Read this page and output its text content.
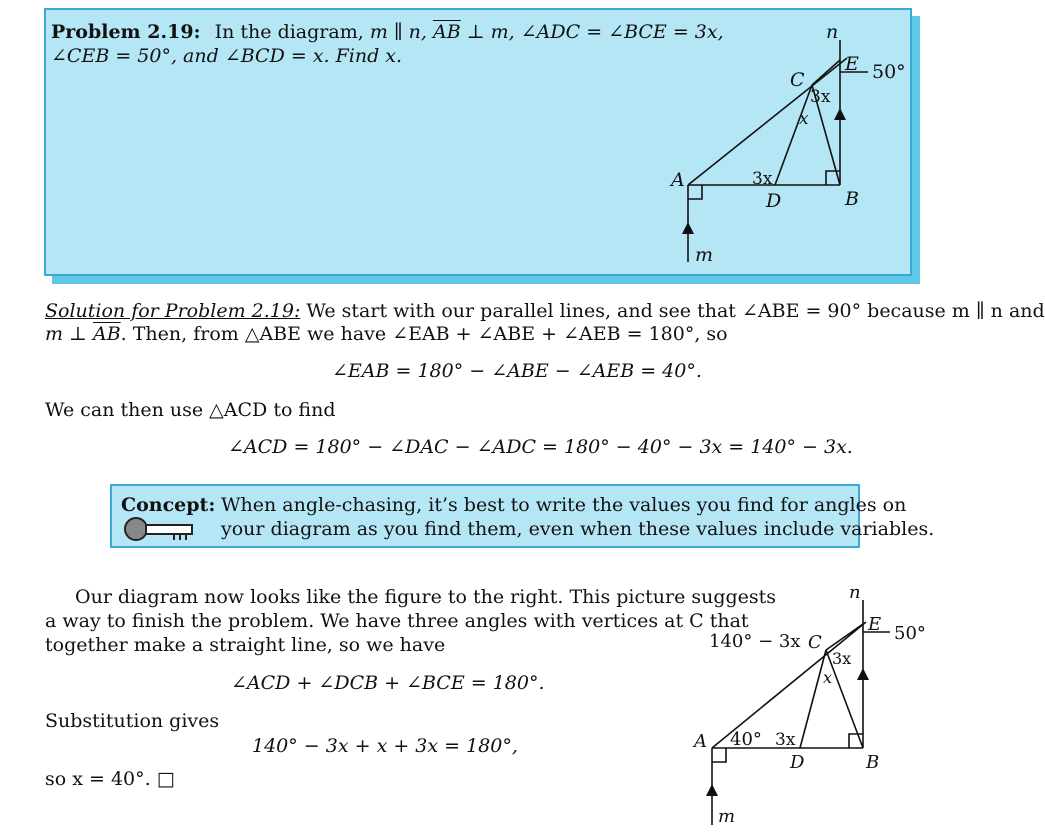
Problem 2.19: In the diagram, m ∥ n, $\overline{AB}$ ⊥ m, ∠ADC = ∠BCE = 3x,
∠CEB = 50°, and ∠BCD = x. Find x.
n
E 50°
C
3x
x
A	3x
D	B
m
Solution for Problem 2.19: We start with our parallel lines, and see that ∠ABE = 90° because m ∥ n and
m ⊥ $\overline{AB}$. Then, from △ABE we have ∠EAB + ∠ABE + ∠AEB = 180°, so
∠EAB = 180° − ∠ABE − ∠AEB = 40°.
We can then use △ACD to find
∠ACD = 180° − ∠DAC − ∠ADC = 180° − 40° − 3x = 140° − 3x.
Concept: When angle-chasing, it’s best to write the values you find for angles on
your diagram as you find them, even when these values include variables.
Our diagram now looks like the figure to the right. This picture suggests
a way to finish the problem. We have three angles with vertices at C that
together make a straight line, so we have
∠ACD + ∠DCB + ∠BCE = 180°.
Substitution gives
140° − 3x + x + 3x = 180°,
so x = 40°. □
n
E 50°
140° − 3x C
3x
x
A 40° 3x
D	B
m
